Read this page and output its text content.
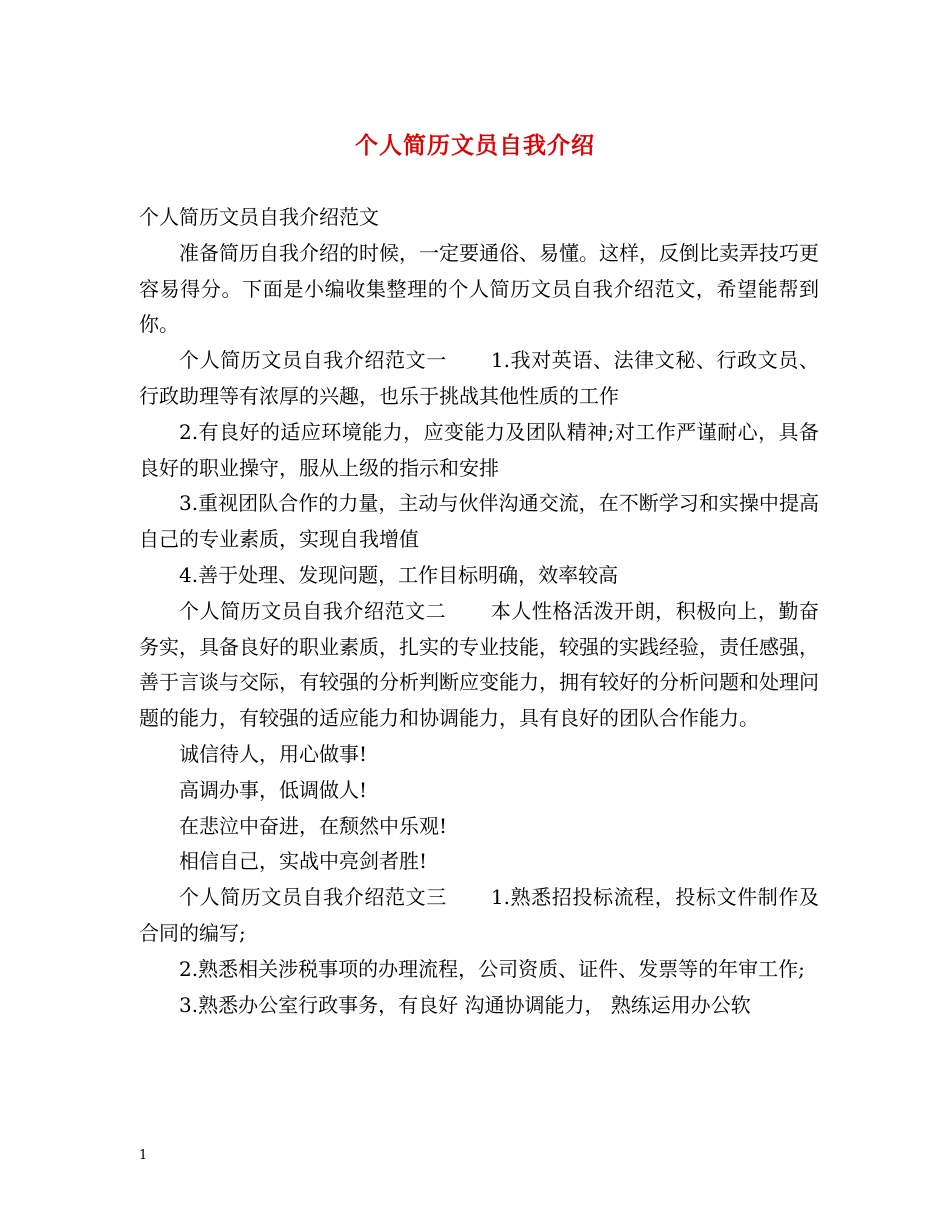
个人简历文员自我介绍

个人简历文员自我介绍范文

准备简历自我介绍的时候，一定要通俗、易懂。这样，反倒比卖弄技巧更容易得分。下面是小编收集整理的个人简历文员自我介绍范文，希望能帮到你。

个人简历文员自我介绍范文一 1.我对英语、法律文秘、行政文员、行政助理等有浓厚的兴趣，也乐于挑战其他性质的工作

2.有良好的适应环境能力，应变能力及团队精神;对工作严谨耐心，具备良好的职业操守，服从上级的指示和安排

3.重视团队合作的力量，主动与伙伴沟通交流，在不断学习和实操中提高自己的专业素质，实现自我增值

4.善于处理、发现问题，工作目标明确，效率较高

个人简历文员自我介绍范文二 本人性格活泼开朗，积极向上，勤奋务实，具备良好的职业素质，扎实的专业技能，较强的实践经验，责任感强，善于言谈与交际，有较强的分析判断应变能力，拥有较好的分析问题和处理问题的能力，有较强的适应能力和协调能力，具有良好的团队合作能力。

诚信待人，用心做事!

高调办事，低调做人!

在悲泣中奋进，在颓然中乐观!

相信自己，实战中亮剑者胜!

个人简历文员自我介绍范文三 1.熟悉招投标流程，投标文件制作及合同的编写;

2.熟悉相关涉税事项的办理流程，公司资质、证件、发票等的年审工作;

3.熟悉办公室行政事务，有良好 沟通协调能力， 熟练运用办公软

1
